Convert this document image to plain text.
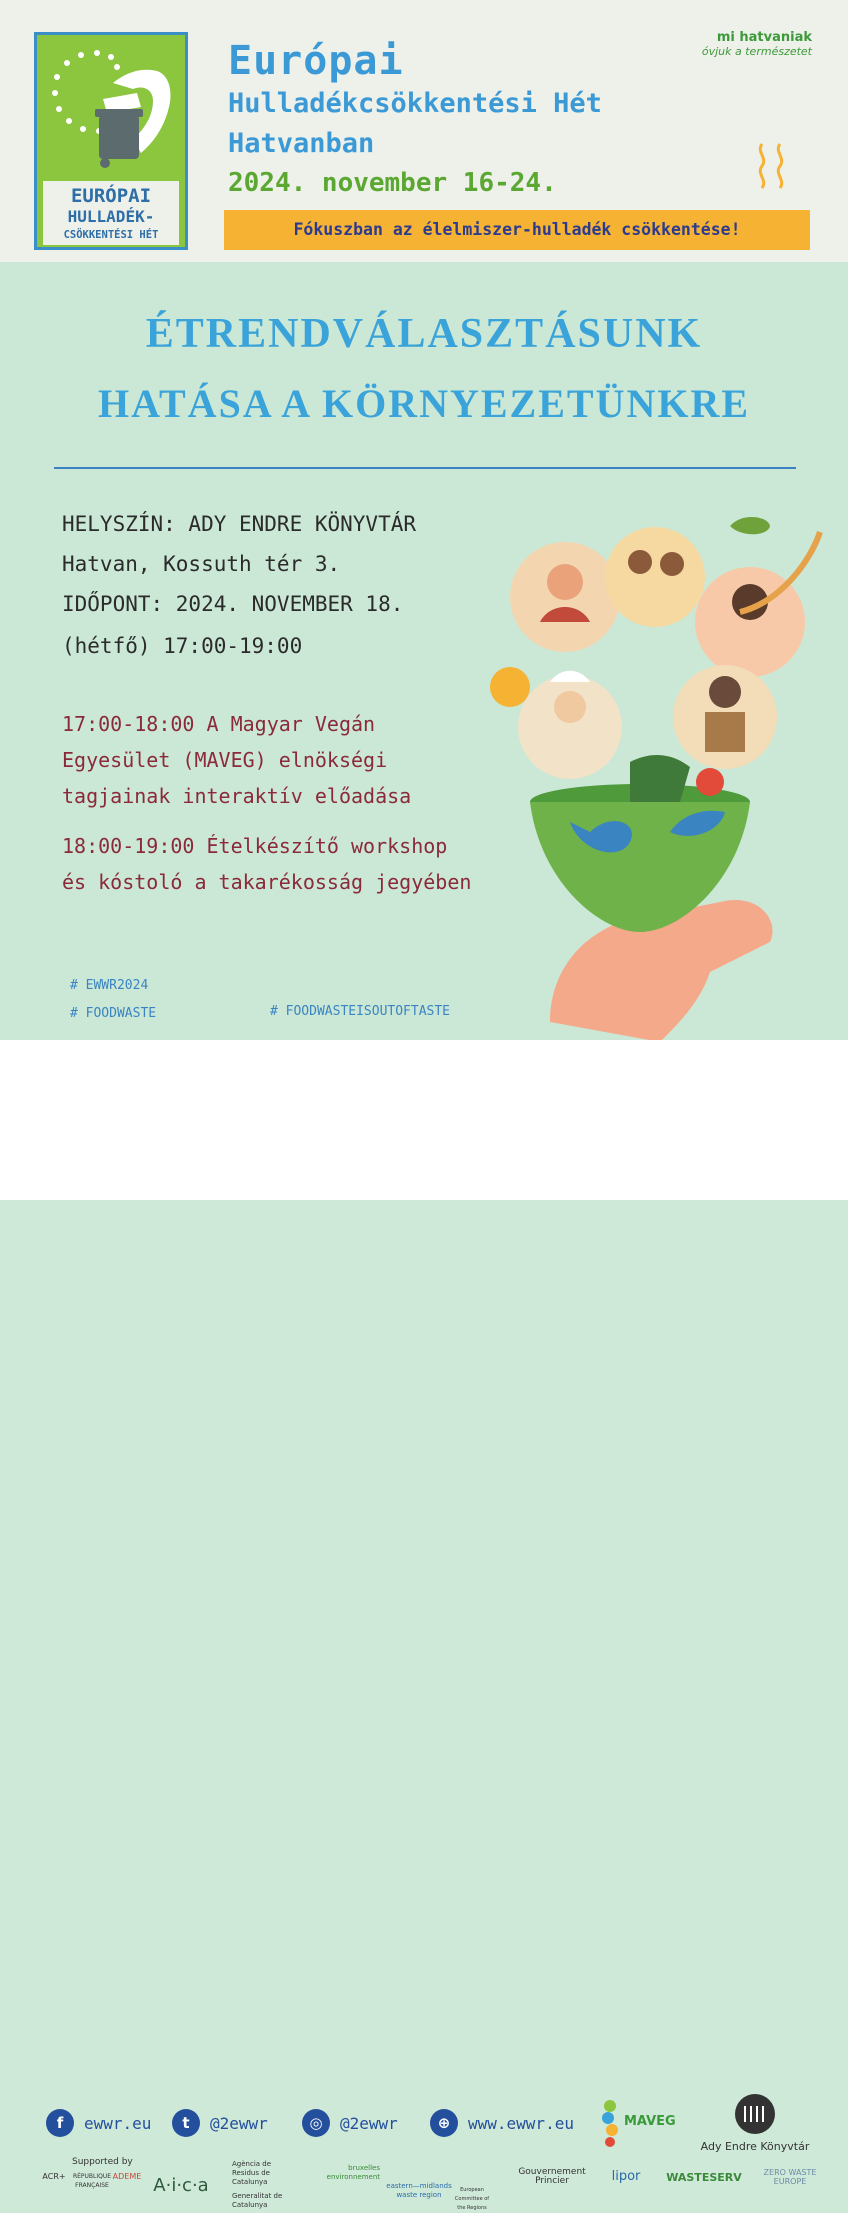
EURÓPAI
HULLADÉK-
CSÖKKENTÉSI HÉT
Európai
Hulladékcsökkentési Hét
Hatvanban
2024. november 16-24.
Fókuszban az élelmiszer-hulladék csökkentése!
mi hatvaniak
óvjuk a természetet
ÉTRENDVÁLASZTÁSUNK
HATÁSA A KÖRNYEZETÜNKRE
HELYSZÍN: ADY ENDRE KÖNYVTÁR
Hatvan, Kossuth tér 3.
IDŐPONT: 2024. NOVEMBER 18.
(hétfő) 17:00-19:00
17:00-18:00 A Magyar Vegán
Egyesület (MAVEG) elnökségi
tagjainak interaktív előadása
18:00-19:00 Ételkészítő workshop
és kóstoló a takarékosság jegyében
# EWWR2024
# FOODWASTE	# FOODWASTEISOUTOFTASTE
f	ewwr.eu	t	@2ewwr	◎	@2ewwr	⊕	www.ewwr.eu	MAVEG
Ady Endre Könyvtár
Supported by
ACR+	RÉPUBLIQUE FRANÇAISE
ADEME A·i·c·a
Agència de Residus de Catalunya
Generalitat de Catalunya
bruxelles environnement
eastern—midlands waste region
European Committee of the Regions
Gouvernement Princier	lipor	WASTESERV	ZERO WASTE EUROPE
